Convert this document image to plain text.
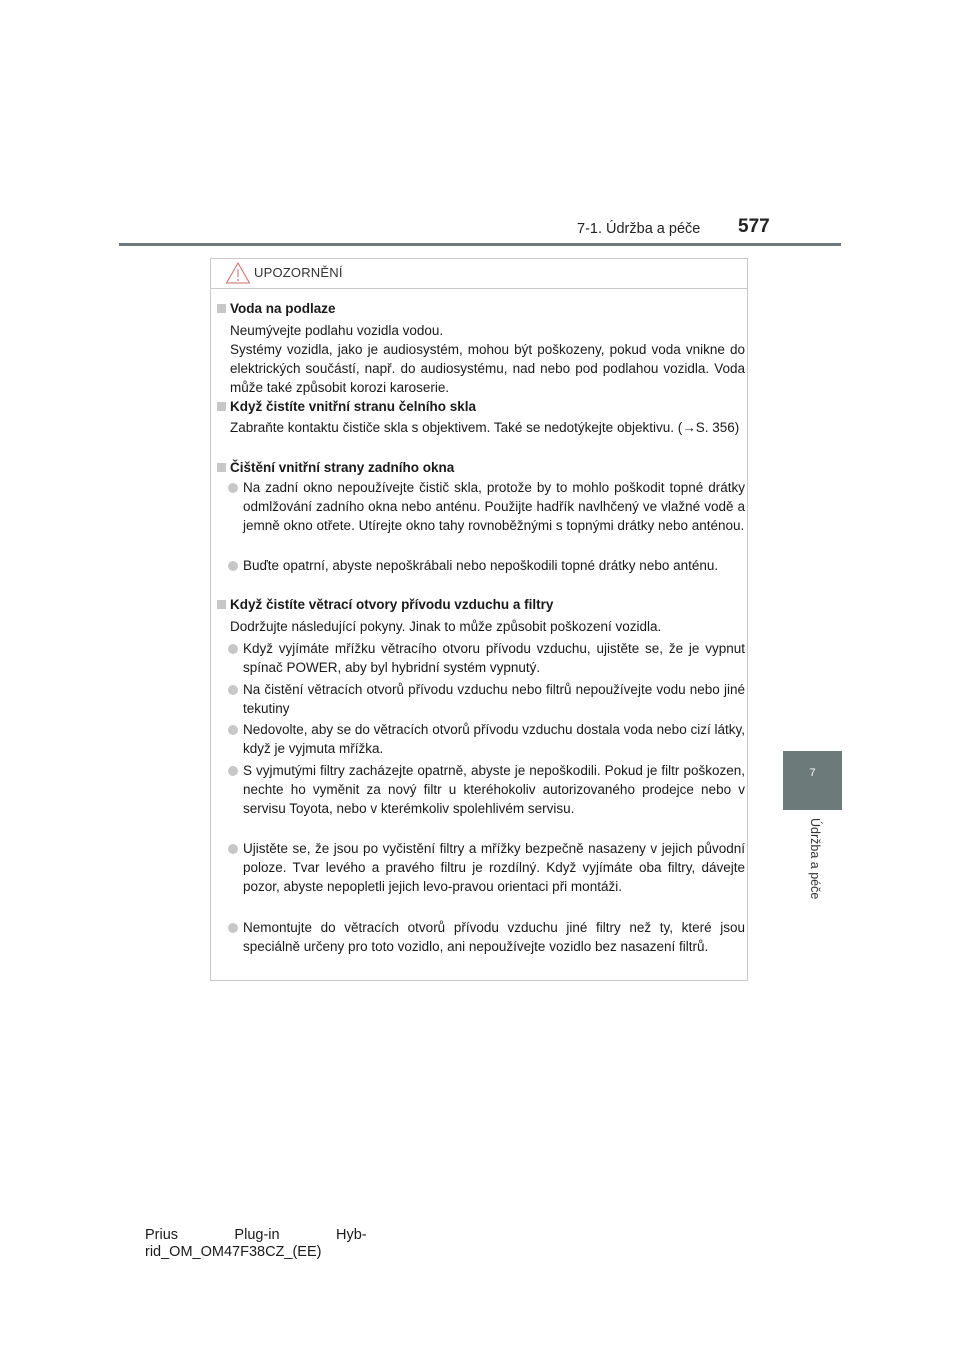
7-1. Údržba a péče 577
7
Údržba a péče
UPOZORNĚNÍ
Voda na podlaze
Neumývejte podlahu vozidla vodou.
Systémy vozidla, jako je audiosystém, mohou být poškozeny, pokud voda vnikne do elektrických součástí, např. do audiosystému, nad nebo pod podlahou vozidla. Voda může také způsobit korozi karoserie.
Když čistíte vnitřní stranu čelního skla
Zabraňte kontaktu čističe skla s objektivem. Také se nedotýkejte objektivu. (→S. 356)
Čištění vnitřní strany zadního okna
Na zadní okno nepoužívejte čistič skla, protože by to mohlo poškodit topné drátky odmlžování zadního okna nebo anténu. Použijte hadřík navlhčený ve vlažné vodě a jemně okno otřete. Utírejte okno tahy rovnoběžnými s topnými drátky nebo anténou.
Buďte opatrní, abyste nepoškrábali nebo nepoškodili topné drátky nebo anténu.
Když čistíte větrací otvory přívodu vzduchu a filtry
Dodržujte následující pokyny. Jinak to může způsobit poškození vozidla.
Když vyjímáte mřížku větracího otvoru přívodu vzduchu, ujistěte se, že je vypnut spínač POWER, aby byl hybridní systém vypnutý.
Na čistění větracích otvorů přívodu vzduchu nebo filtrů nepoužívejte vodu nebo jiné tekutiny
Nedovolte, aby se do větracích otvorů přívodu vzduchu dostala voda nebo cizí látky, když je vyjmuta mřížka.
S vyjmutými filtry zacházejte opatrně, abyste je nepoškodili. Pokud je filtr poškozen, nechte ho vyměnit za nový filtr u kteréhokoliv autorizovaného prodejce nebo v servisu Toyota, nebo v kterémkoliv spolehlivém servisu.
Ujistěte se, že jsou po vyčistění filtry a mřížky bezpečně nasazeny v jejich původní poloze. Tvar levého a pravého filtru je rozdílný. Když vyjímáte oba filtry, dávejte pozor, abyste nepopletli jejich levo-pravou orientaci při montáži.
Nemontujte do větracích otvorů přívodu vzduchu jiné filtry než ty, které jsou speciálně určeny pro toto vozidlo, ani nepoužívejte vozidlo bez nasazení filtrů.
Prius              Plug-in              Hyb-
rid_OM_OM47F38CZ_(EE)
